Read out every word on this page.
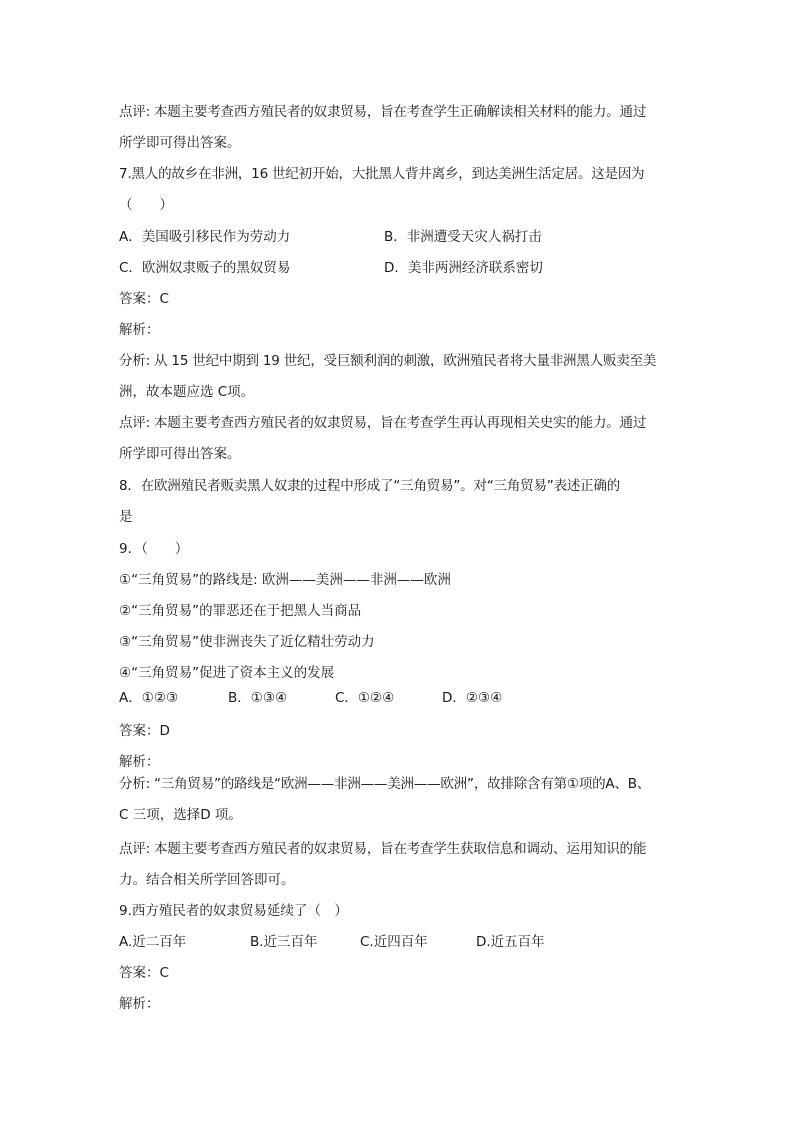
点评: 本题主要考查西方殖民者的奴隶贸易，旨在考查学生正确解读相关材料的能力。通过
所学即可得出答案。
7.黑人的故乡在非洲，16 世纪初开始，大批黑人背井离乡，到达美洲生活定居。这是因为
（　　）
A．美国吸引移民作为劳动力	B．非洲遭受天灾人祸打击
C．欧洲奴隶贩子的黑奴贸易	D．美非两洲经济联系密切
答案：C
解析：
分析: 从 15 世纪中期到 19 世纪，受巨额利润的刺激，欧洲殖民者将大量非洲黑人贩卖至美
洲，故本题应选 C项。
点评: 本题主要考查西方殖民者的奴隶贸易，旨在考查学生再认再现相关史实的能力。通过
所学即可得出答案。
8．在欧洲殖民者贩卖黑人奴隶的过程中形成了“三角贸易”。对“三角贸易”表述正确的
是
9．（　　）
①“三角贸易”的路线是: 欧洲——美洲——非洲——欧洲
②“三角贸易”的罪恶还在于把黑人当商品
③“三角贸易”使非洲丧失了近亿精壮劳动力
④“三角贸易”促进了资本主义的发展
A．①②③	B．①③④	C．①②④	D．②③④
答案：D
解析：
分析: “三角贸易”的路线是“欧洲——非洲——美洲——欧洲”，故排除含有第①项的A、B、
C 三项，选择D 项。
点评: 本题主要考查西方殖民者的奴隶贸易，旨在考查学生获取信息和调动、运用知识的能
力。结合相关所学回答即可。
9.西方殖民者的奴隶贸易延续了（　）
A.近二百年	B.近三百年	C.近四百年	D.近五百年
答案：C
解析：
